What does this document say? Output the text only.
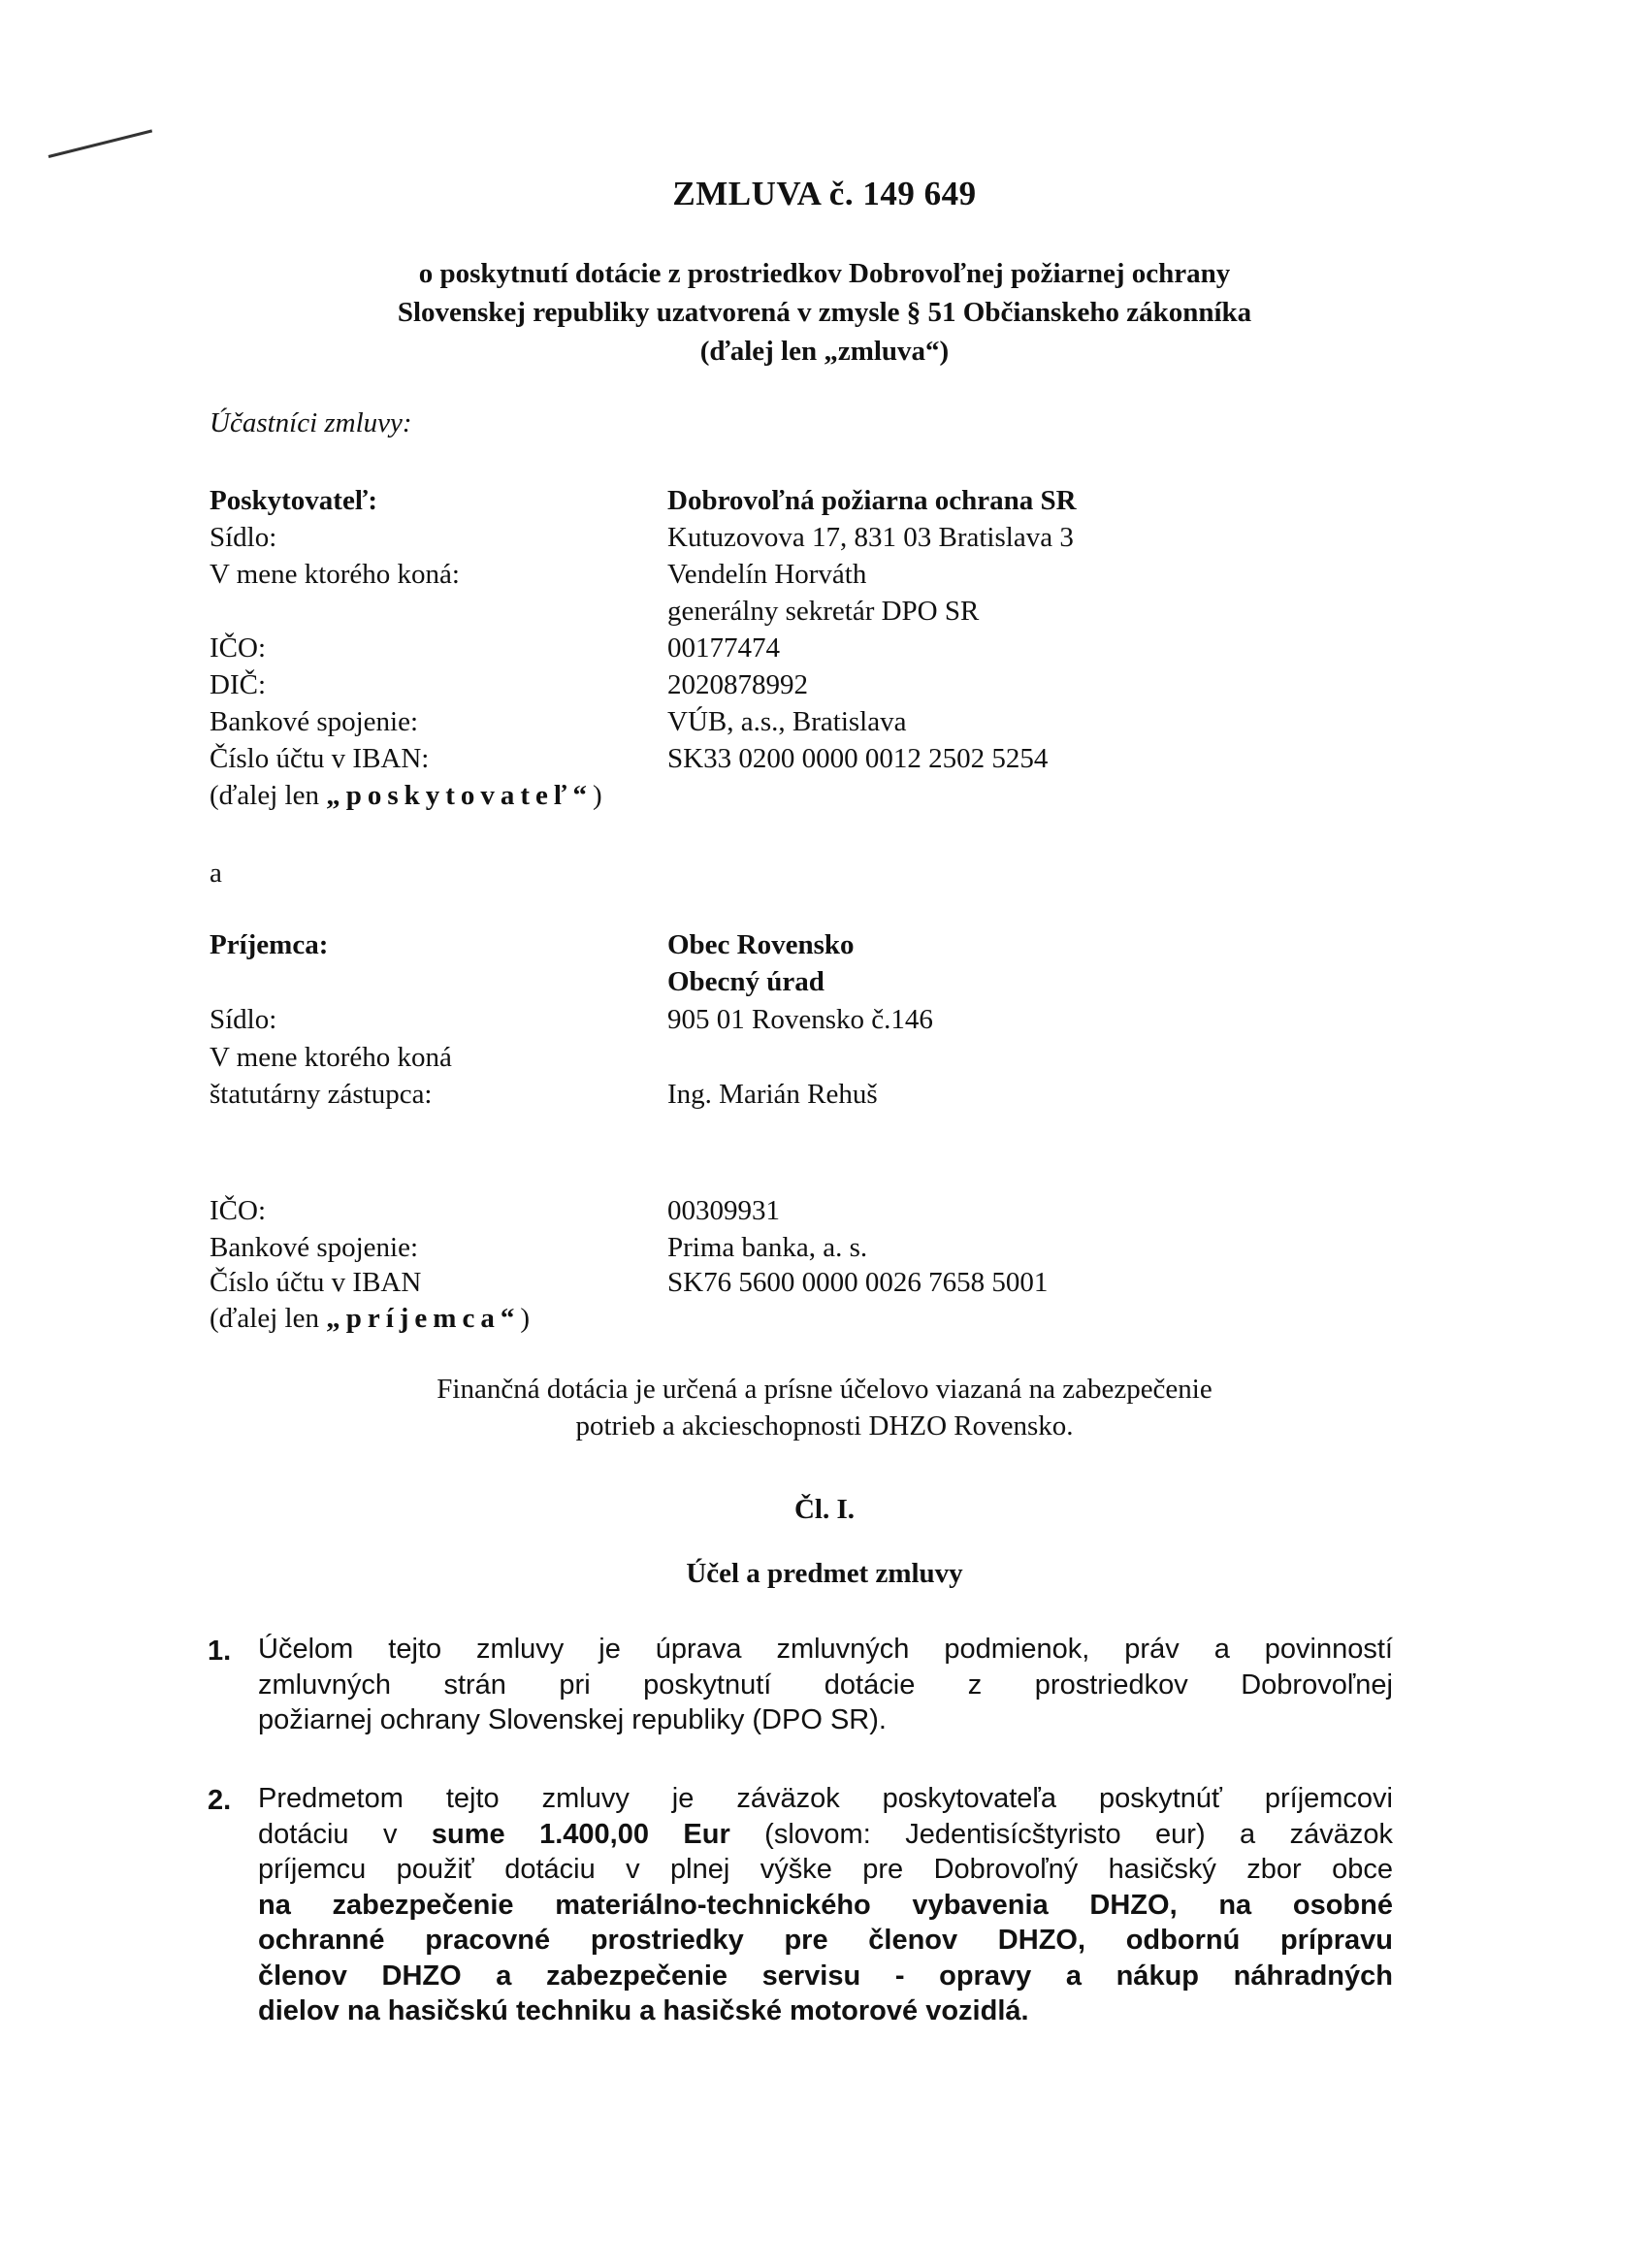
ZMLUVA č. 149 649
o poskytnutí dotácie z prostriedkov Dobrovoľnej požiarnej ochrany
Slovenskej republiky uzatvorená v zmysle § 51 Občianskeho zákonníka
(ďalej len „zmluva“)
Účastníci zmluvy:
Poskytovateľ:	Dobrovoľná požiarna ochrana SR
Sídlo:	Kutuzovova 17, 831 03 Bratislava 3
V mene ktorého koná:	Vendelín Horváth
generálny sekretár DPO SR
IČO:	00177474
DIČ:	2020878992
Bankové spojenie:	VÚB, a.s., Bratislava
Číslo účtu v IBAN:	SK33 0200 0000 0012 2502 5254
(ďalej len „poskytovateľ“)
a
Príjemca:	Obec Rovensko
Obecný úrad
Sídlo:	905 01 Rovensko č.146
V mene ktorého koná
štatutárny zástupca:	Ing. Marián Rehuš
IČO:	00309931
Bankové spojenie:	Prima banka, a. s.
Číslo účtu v IBAN	SK76 5600 0000 0026 7658 5001
(ďalej len „príjemca“)
Finančná dotácia je určená a prísne účelovo viazaná na zabezpečenie
potrieb a akcieschopnosti DHZO Rovensko.
Čl. I.
Účel a predmet zmluvy
1. Účelom tejto zmluvy je úprava zmluvných podmienok, práv a povinností
zmluvných strán pri poskytnutí dotácie z prostriedkov Dobrovoľnej
požiarnej ochrany Slovenskej republiky (DPO SR).
2. Predmetom tejto zmluvy je záväzok poskytovateľa poskytnúť príjemcovi
dotáciu v sume 1.400,00 Eur (slovom: Jedentisícštyristo eur) a záväzok
príjemcu použiť dotáciu v plnej výške pre Dobrovoľný hasičský zbor obce
na zabezpečenie materiálno-technického vybavenia DHZO, na osobné
ochranné pracovné prostriedky pre členov DHZO, odbornú prípravu
členov DHZO a zabezpečenie servisu - opravy a nákup náhradných
dielov na hasičskú techniku a hasičské motorové vozidlá.
